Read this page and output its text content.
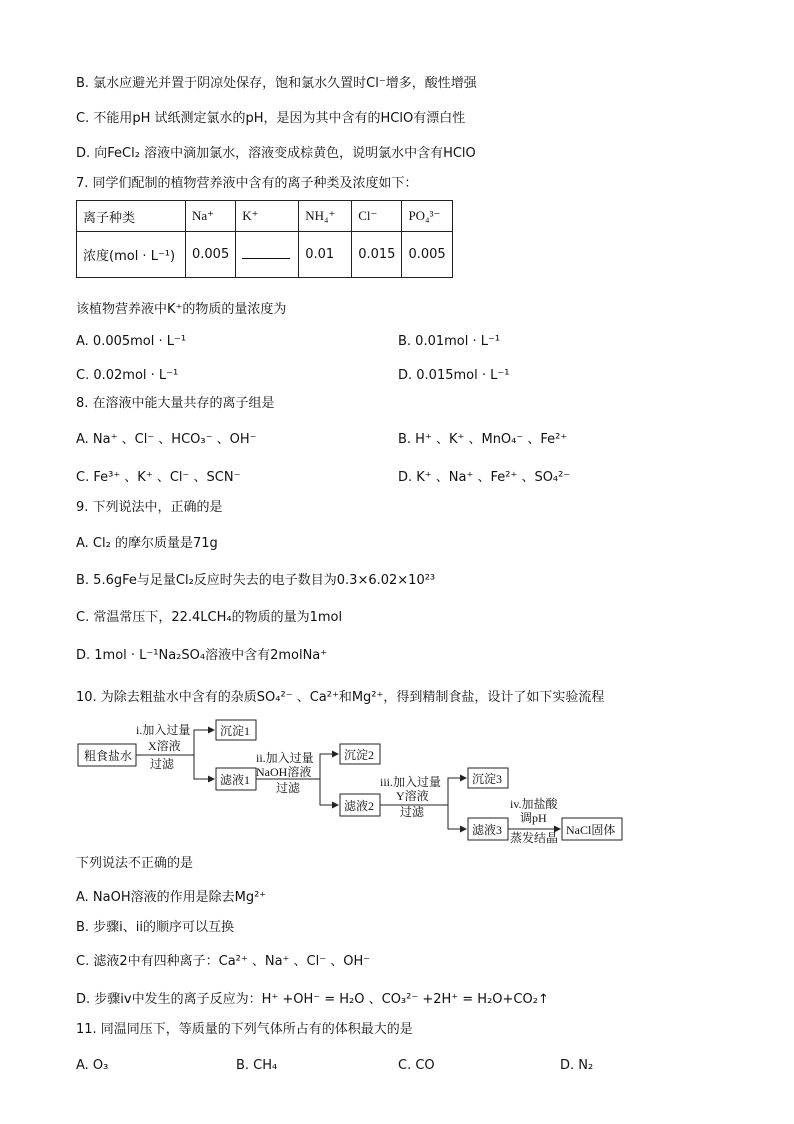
B. 氯水应避光并置于阴凉处保存，饱和氯水久置时Cl⁻增多，酸性增强
C. 不能用pH 试纸测定氯水的pH，是因为其中含有的HClO有漂白性
D. 向FeCl₂ 溶液中滴加氯水，溶液变成棕黄色，说明氯水中含有HClO
7. 同学们配制的植物营养液中含有的离子种类及浓度如下：
离子种类	Na⁺	K⁺	NH₄⁺	Cl⁻	PO₄³⁻
浓度(mol · L⁻¹)	0.005		0.01	0.015	0.005
该植物营养液中K⁺的物质的量浓度为
A. 0.005mol · L⁻¹	B. 0.01mol · L⁻¹
C. 0.02mol · L⁻¹	D. 0.015mol · L⁻¹
8. 在溶液中能大量共存的离子组是
A. Na⁺ 、Cl⁻ 、HCO₃⁻ 、OH⁻	B. H⁺ 、K⁺ 、MnO₄⁻ 、Fe²⁺
C. Fe³⁺ 、K⁺ 、Cl⁻ 、SCN⁻	D. K⁺ 、Na⁺ 、Fe²⁺ 、SO₄²⁻
9. 下列说法中，正确的是
A. Cl₂ 的摩尔质量是71g
B. 5.6gFe与足量Cl₂反应时失去的电子数目为0.3×6.02×10²³
C. 常温常压下，22.4LCH₄的物质的量为1mol
D. 1mol · L⁻¹Na₂SO₄溶液中含有2molNa⁺
10. 为除去粗盐水中含有的杂质SO₄²⁻ 、Ca²⁺和Mg²⁺，得到精制食盐，设计了如下实验流程
粗食盐水
i.加入过量
X溶液
过滤
沉淀1
滤液1
ii.加入过量
NaOH溶液
过滤
沉淀2
滤液2
iii.加入过量
Y溶液
过滤
沉淀3
滤液3
iv.加盐酸
调pH
蒸发结晶
NaCl固体
下列说法不正确的是
A. NaOH溶液的作用是除去Mg²⁺
B. 步骤i、ii的顺序可以互换
C. 滤液2中有四种离子：Ca²⁺ 、Na⁺ 、Cl⁻ 、OH⁻
D. 步骤iv中发生的离子反应为：H⁺ +OH⁻ = H₂O 、CO₃²⁻ +2H⁺ = H₂O+CO₂↑
11. 同温同压下，等质量的下列气体所占有的体积最大的是
A. O₃	B. CH₄	C. CO	D. N₂
